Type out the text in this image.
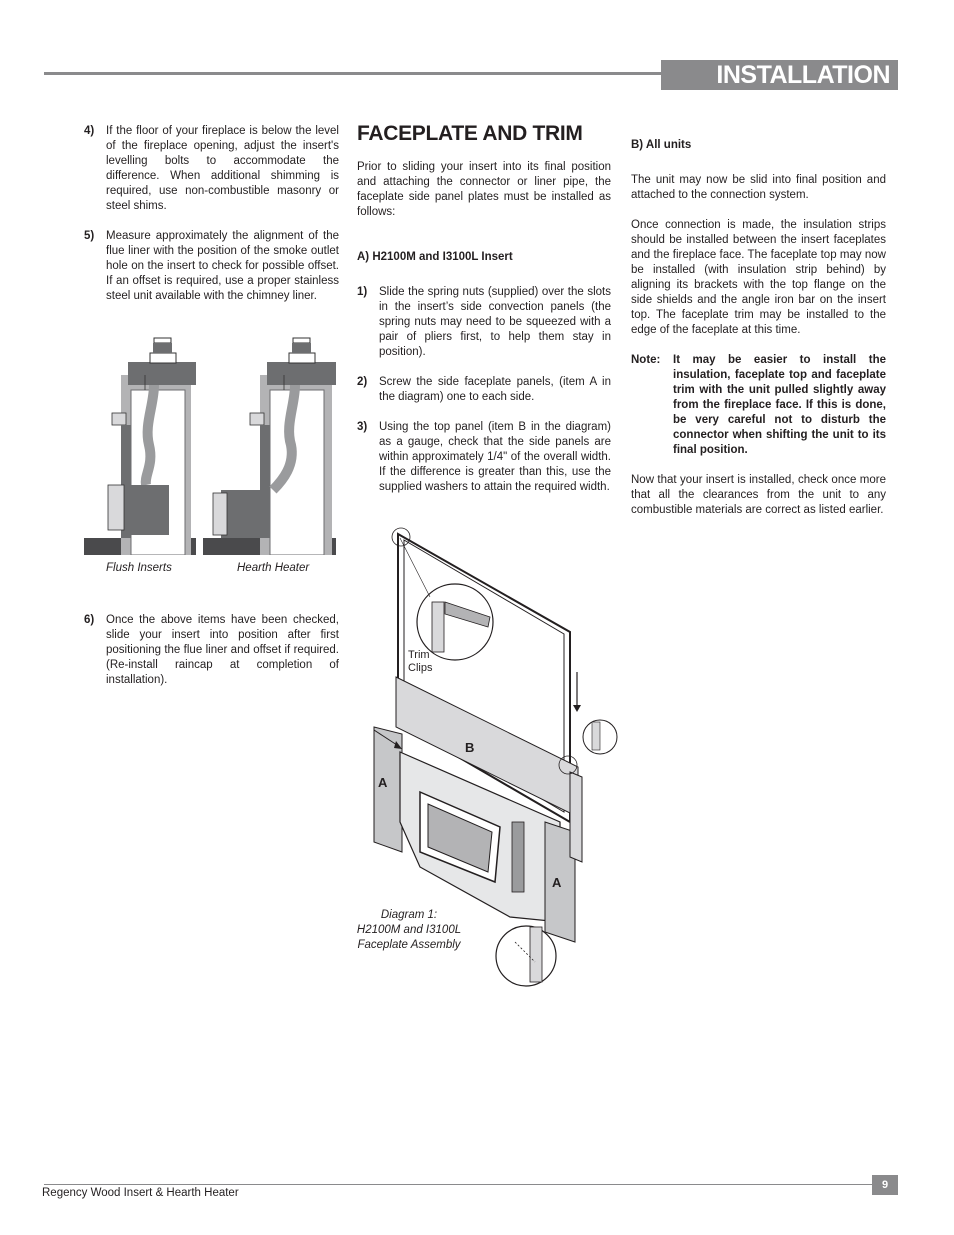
INSTALLATION
4)	If the floor of your fireplace is below the level of the fireplace opening, adjust the insert's levelling bolts to accommodate the difference. When additional shimming is required, use non-combustible masonry or steel shims.
5)	Measure approximately the alignment of the flue liner with the position of the smoke outlet hole on the insert to check for possible offset. If an offset is required, use a proper stainless steel unit available with the chimney liner.
Flush Inserts	Hearth Heater
6)	Once the above items have been checked, slide your insert into position after first positioning the flue liner and offset if required. (Re-install raincap at completion of installation).
FACEPLATE AND TRIM
Prior to sliding your insert into its final position and attaching the connector or liner pipe, the faceplate side panel plates must be installed as follows:
A) H2100M and I3100L Insert
1)	Slide the spring nuts (supplied) over the slots in the insert’s side convection panels (the spring nuts may need to be squeezed with a pair of pliers first, to help them stay in position).
2)	Screw the side faceplate panels, (item A in the diagram) one to each side.
3)	Using the top panel (item B in the diagram) as a gauge, check that the side panels are within approximately 1/4" of the overall width. If the difference is greater than this, use the supplied washers to attain the required width.
B
A
A
Trim
Clips
Diagram 1:
H2100M and I3100L
Faceplate Assembly
B) All units
The unit may now be slid into final position and attached to the connection system.
Once connection is made, the insulation strips should be installed between the insert faceplates and the fireplace face. The faceplate top may now be installed (with insulation strip behind) by aligning its brackets with the top flange on the side shields and the angle iron bar on the insert top. The faceplate trim may be installed to the edge of the faceplate at this time.
Note:	It may be easier to install the insulation, faceplate top and faceplate trim with the unit pulled slightly away from the fireplace face. If this is done, be very careful not to disturb the connector when shifting the unit to its final position.
Now that your insert is installed, check once more that all the clearances from the unit to any combustible materials are correct as listed earlier.
Regency Wood Insert & Hearth Heater
9
